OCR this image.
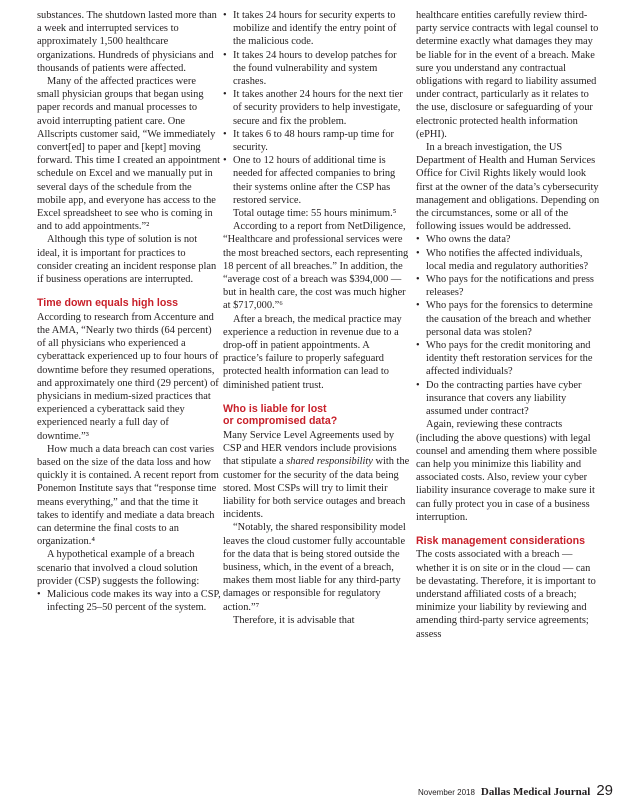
substances. The shutdown lasted more than a week and interrupted services to approximately 1,500 healthcare organizations. Hundreds of physicians and thousands of patients were affected.

Many of the affected practices were small physician groups that began using paper records and manual processes to avoid interrupting patient care. One Allscripts customer said, “We immediately convert[ed] to paper and [kept] moving forward. This time I created an appointment schedule on Excel and we manually put in several days of the schedule from the mobile app, and everyone has access to the Excel spreadsheet to see who is coming in and to add appointments.”²

Although this type of solution is not ideal, it is important for practices to consider creating an incident response plan if business operations are interrupted.

Time down equals high loss

According to research from Accenture and the AMA, “Nearly two thirds (64 percent) of all physicians who experienced a cyberattack experienced up to four hours of downtime before they resumed operations, and approximately one third (29 percent) of physicians in medium-sized practices that experienced a cyberattack said they experienced nearly a full day of downtime.”³

How much a data breach can cost varies based on the size of the data loss and how quickly it is contained. A recent report from Ponemon Institute says that “response time means everything,” and that the time it takes to identify and mediate a data breach can determine the final costs to an organization.⁴

A hypothetical example of a breach scenario that involved a cloud solution provider (CSP) suggests the following:

• Malicious code makes its way into a CSP, infecting 25–50 percent of the system.
• It takes 24 hours for security experts to mobilize and identify the entry point of the malicious code.
• It takes 24 hours to develop patches for the found vulnerability and system crashes.
• It takes another 24 hours for the next tier of security providers to help investigate, secure and fix the problem.
• It takes 6 to 48 hours ramp-up time for security.
• One to 12 hours of additional time is needed for affected companies to bring their systems online after the CSP has restored service.

Total outage time: 55 hours minimum.⁵

According to a report from NetDiligence, “Healthcare and professional services were the most breached sectors, each representing 18 percent of all breaches.” In addition, the “average cost of a breach was $394,000 — but in health care, the cost was much higher at $717,000.”⁶

After a breach, the medical practice may experience a reduction in revenue due to a drop-off in patient appointments. A practice’s failure to properly safeguard protected health information can lead to diminished patient trust.

Who is liable for lost
or compromised data?

Many Service Level Agreements used by CSP and HER vendors include provisions that stipulate a shared responsibility with the customer for the security of the data being stored. Most CSPs will try to limit their liability for both service outages and breach incidents.

“Notably, the shared responsibility model leaves the cloud customer fully accountable for the data that is being stored outside the business, which, in the event of a breach, makes them most liable for any third-party damages or responsible for regulatory action.”⁷

Therefore, it is advisable that

healthcare entities carefully review third-party service contracts with legal counsel to determine exactly what damages they may be liable for in the event of a breach. Make sure you understand any contractual obligations with regard to liability assumed under contract, particularly as it relates to the use, disclosure or safeguarding of your electronic protected health information (ePHI).

In a breach investigation, the US Department of Health and Human Services Office for Civil Rights likely would look first at the owner of the data’s cybersecurity management and obligations. Depending on the circumstances, some or all of the following issues would be addressed.

• Who owns the data?
• Who notifies the affected individuals, local media and regulatory authorities?
• Who pays for the notifications and press releases?
• Who pays for the forensics to determine the causation of the breach and whether personal data was stolen?
• Who pays for the credit monitoring and identity theft restoration services for the affected individuals?
• Do the contracting parties have cyber insurance that covers any liability assumed under contract?

Again, reviewing these contracts (including the above questions) with legal counsel and amending them where possible can help you minimize this liability and associated costs. Also, review your cyber liability insurance coverage to make sure it can fully protect you in case of a business interruption.

Risk management considerations

The costs associated with a breach — whether it is on site or in the cloud — can be devastating. Therefore, it is important to understand affiliated costs of a breach; minimize your liability by reviewing and amending third-party service agreements; assess

November 2018 Dallas Medical Journal 29
